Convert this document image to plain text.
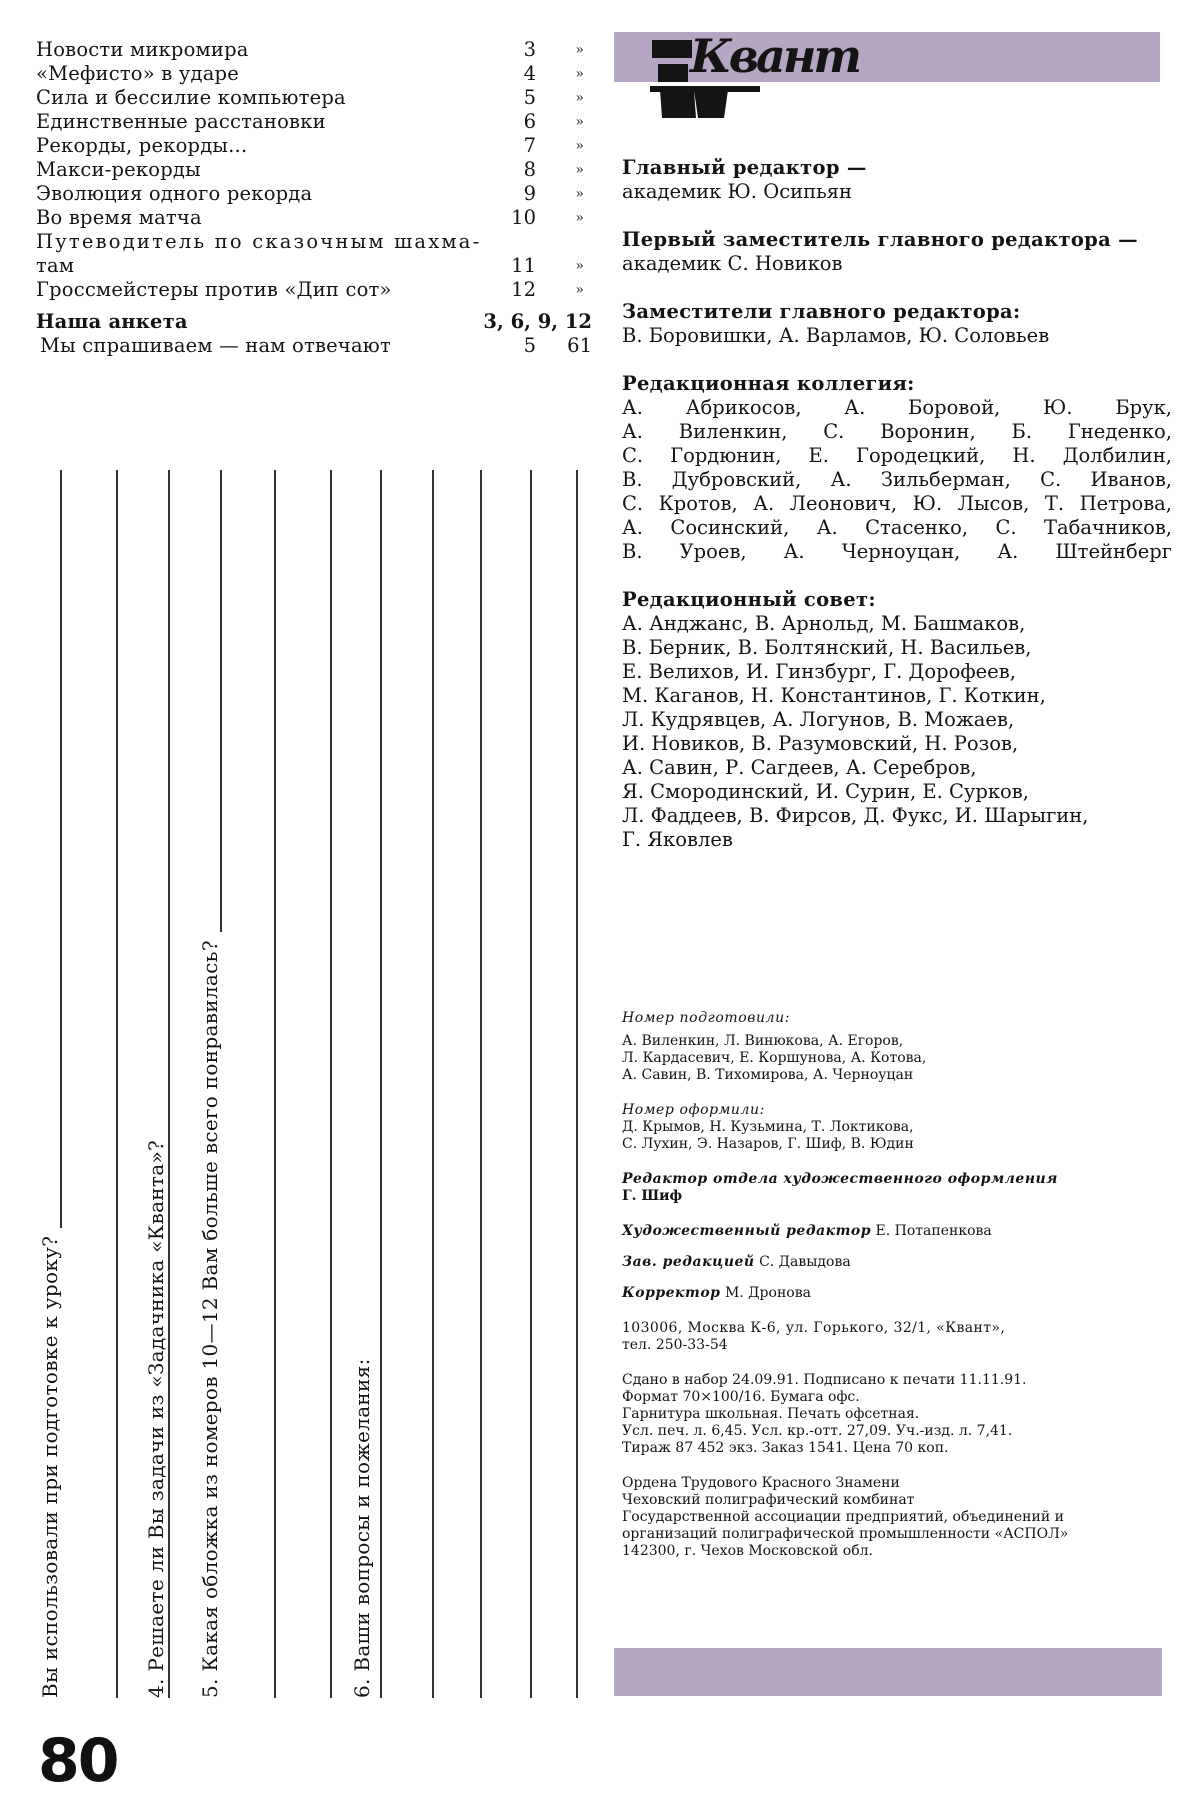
Новости микромира	3	»
«Мефисто» в ударе	4	»
Сила и бессилие компьютера	5	»
Единственные расстановки	6	»
Рекорды, рекорды...	7	»
Макси-рекорды	8	»
Эволюция одного рекорда	9	»
Во время матча	10	»
Путеводитель по сказочным шахма-
там	11	»
Гроссмейстеры против «Дип сот»	12	»
Наша анкета	3, 6, 9, 12
Мы спрашиваем — нам отвечают	5 61
Вы использовали при подготовке к уроку?	4. Решаете ли Вы задачи из «Задачника «Кванта»? 5. Какая обложка из номеров 10—12 Вам больше всего понравилась?	6. Ваши вопросы и пожелания:
Квант
Главный редактор —
академик Ю. Осипьян
Первый заместитель главного редактора —
академик С. Новиков
Заместители главного редактора:
В. Боровишки, А. Варламов, Ю. Соловьев
Редакционная коллегия:
А. Абрикосов, А. Боровой, Ю. Брук,
А. Виленкин, С. Воронин, Б. Гнеденко,
С. Гордюнин, Е. Городецкий, Н. Долбилин,
В. Дубровский, А. Зильберман, С. Иванов,
С. Кротов, А. Леонович, Ю. Лысов, Т. Петрова,
А. Сосинский, А. Стасенко, С. Табачников,
В. Уроев, А. Черноуцан, А. Штейнберг
Редакционный совет:
А. Анджанс, В. Арнольд, М. Башмаков,
В. Берник, В. Болтянский, Н. Васильев,
Е. Велихов, И. Гинзбург, Г. Дорофеев,
М. Каганов, Н. Константинов, Г. Коткин,
Л. Кудрявцев, А. Логунов, В. Можаев,
И. Новиков, В. Разумовский, Н. Розов,
А. Савин, Р. Сагдеев, А. Серебров,
Я. Смородинский, И. Сурин, Е. Сурков,
Л. Фаддеев, В. Фирсов, Д. Фукс, И. Шарыгин,
Г. Яковлев
Номер подготовили:
А. Виленкин, Л. Винюкова, А. Егоров,
Л. Кардасевич, Е. Коршунова, А. Котова,
А. Савин, В. Тихомирова, А. Черноуцан
Номер оформили:
Д. Крымов, Н. Кузьмина, Т. Локтикова,
С. Лухин, Э. Назаров, Г. Шиф, В. Юдин
Редактор отдела художественного оформления
Г. Шиф
Художественный редактор Е. Потапенкова
Зав. редакцией С. Давыдова
Корректор М. Дронова
103006, Москва К-6, ул. Горького, 32/1, «Квант»,
тел. 250-33-54
Сдано в набор 24.09.91. Подписано к печати 11.11.91.
Формат 70×100/16. Бумага офс.
Гарнитура школьная. Печать офсетная.
Усл. печ. л. 6,45. Усл. кр.-отт. 27,09. Уч.-изд. л. 7,41.
Тираж 87 452 экз. Заказ 1541. Цена 70 коп.
Ордена Трудового Красного Знамени
Чеховский полиграфический комбинат
Государственной ассоциации предприятий, объединений и
организаций полиграфической промышленности «АСПОЛ»
142300, г. Чехов Московской обл.
80
